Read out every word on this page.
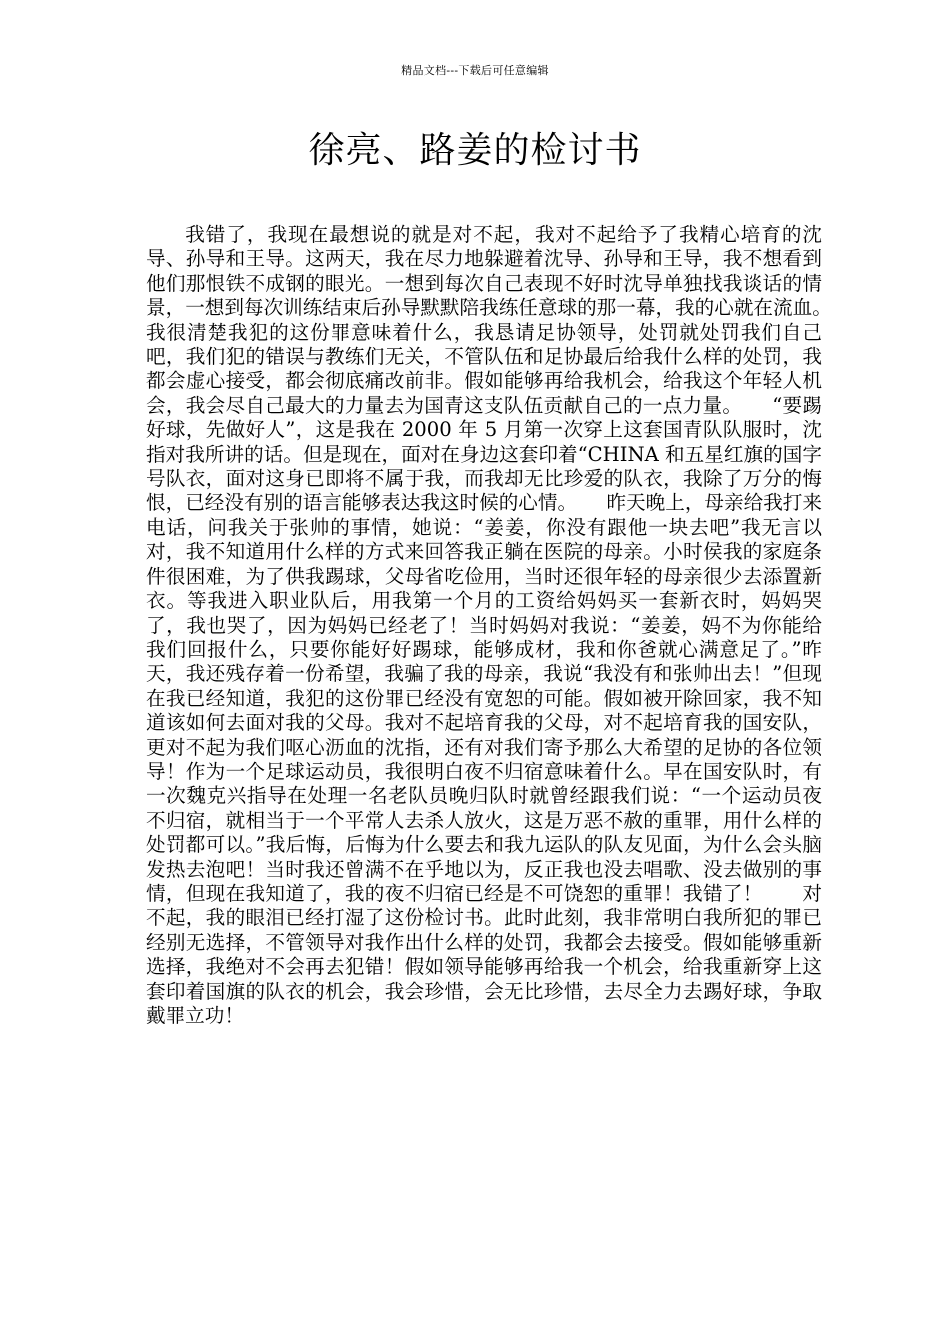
精品文档---下载后可任意编辑
徐亮、路姜的检讨书

我错了，我现在最想说的就是对不起，我对不起给予了我精心培育的沈导、孙导和王导。这两天，我在尽力地躲避着沈导、孙导和王导，我不想看到他们那恨铁不成钢的眼光。一想到每次自己表现不好时沈导单独找我谈话的情景，一想到每次训练结束后孙导默默陪我练任意球的那一幕，我的心就在流血。　　我很清楚我犯的这份罪意味着什么，我恳请足协领导，处罚就处罚我们自己吧，我们犯的错误与教练们无关，不管队伍和足协最后给我什么样的处罚，我都会虚心接受，都会彻底痛改前非。假如能够再给我机会，给我这个年轻人机会，我会尽自己最大的力量去为国青这支队伍贡献自己的一点力量。　　“要踢好球，先做好人”，这是我在 2000 年 5 月第一次穿上这套国青队队服时，沈指对我所讲的话。但是现在，面对在身边这套印着“CHINA 和五星红旗的国字号队衣，面对这身已即将不属于我，而我却无比珍爱的队衣，我除了万分的悔恨，已经没有别的语言能够表达我这时候的心情。　　昨天晚上，母亲给我打来电话，问我关于张帅的事情，她说：“姜姜，你没有跟他一块去吧”我无言以对，我不知道用什么样的方式来回答我正躺在医院的母亲。小时侯我的家庭条件很困难，为了供我踢球，父母省吃俭用，当时还很年轻的母亲很少去添置新衣。等我进入职业队后，用我第一个月的工资给妈妈买一套新衣时，妈妈哭了，我也哭了，因为妈妈已经老了！当时妈妈对我说：“姜姜，妈不为你能给我们回报什么，只要你能好好踢球，能够成材，我和你爸就心满意足了。”昨天，我还残存着一份希望，我骗了我的母亲，我说“我没有和张帅出去！”但现在我已经知道，我犯的这份罪已经没有宽恕的可能。假如被开除回家，我不知道该如何去面对我的父母。我对不起培育我的父母，对不起培育我的国安队，更对不起为我们呕心沥血的沈指，还有对我们寄予那么大希望的足协的各位领导！作为一个足球运动员，我很明白夜不归宿意味着什么。早在国安队时，有一次魏克兴指导在处理一名老队员晚归队时就曾经跟我们说：“一个运动员夜不归宿，就相当于一个平常人去杀人放火，这是万恶不赦的重罪，用什么样的处罚都可以。”我后悔，后悔为什么要去和我九运队的队友见面，为什么会头脑发热去泡吧！当时我还曾满不在乎地以为，反正我也没去唱歌、没去做别的事情，但现在我知道了，我的夜不归宿已经是不可饶恕的重罪！我错了！　　对不起，我的眼泪已经打湿了这份检讨书。此时此刻，我非常明白我所犯的罪已经别无选择，不管领导对我作出什么样的处罚，我都会去接受。假如能够重新选择，我绝对不会再去犯错！假如领导能够再给我一个机会，给我重新穿上这套印着国旗的队衣的机会，我会珍惜，会无比珍惜，去尽全力去踢好球，争取戴罪立功！
